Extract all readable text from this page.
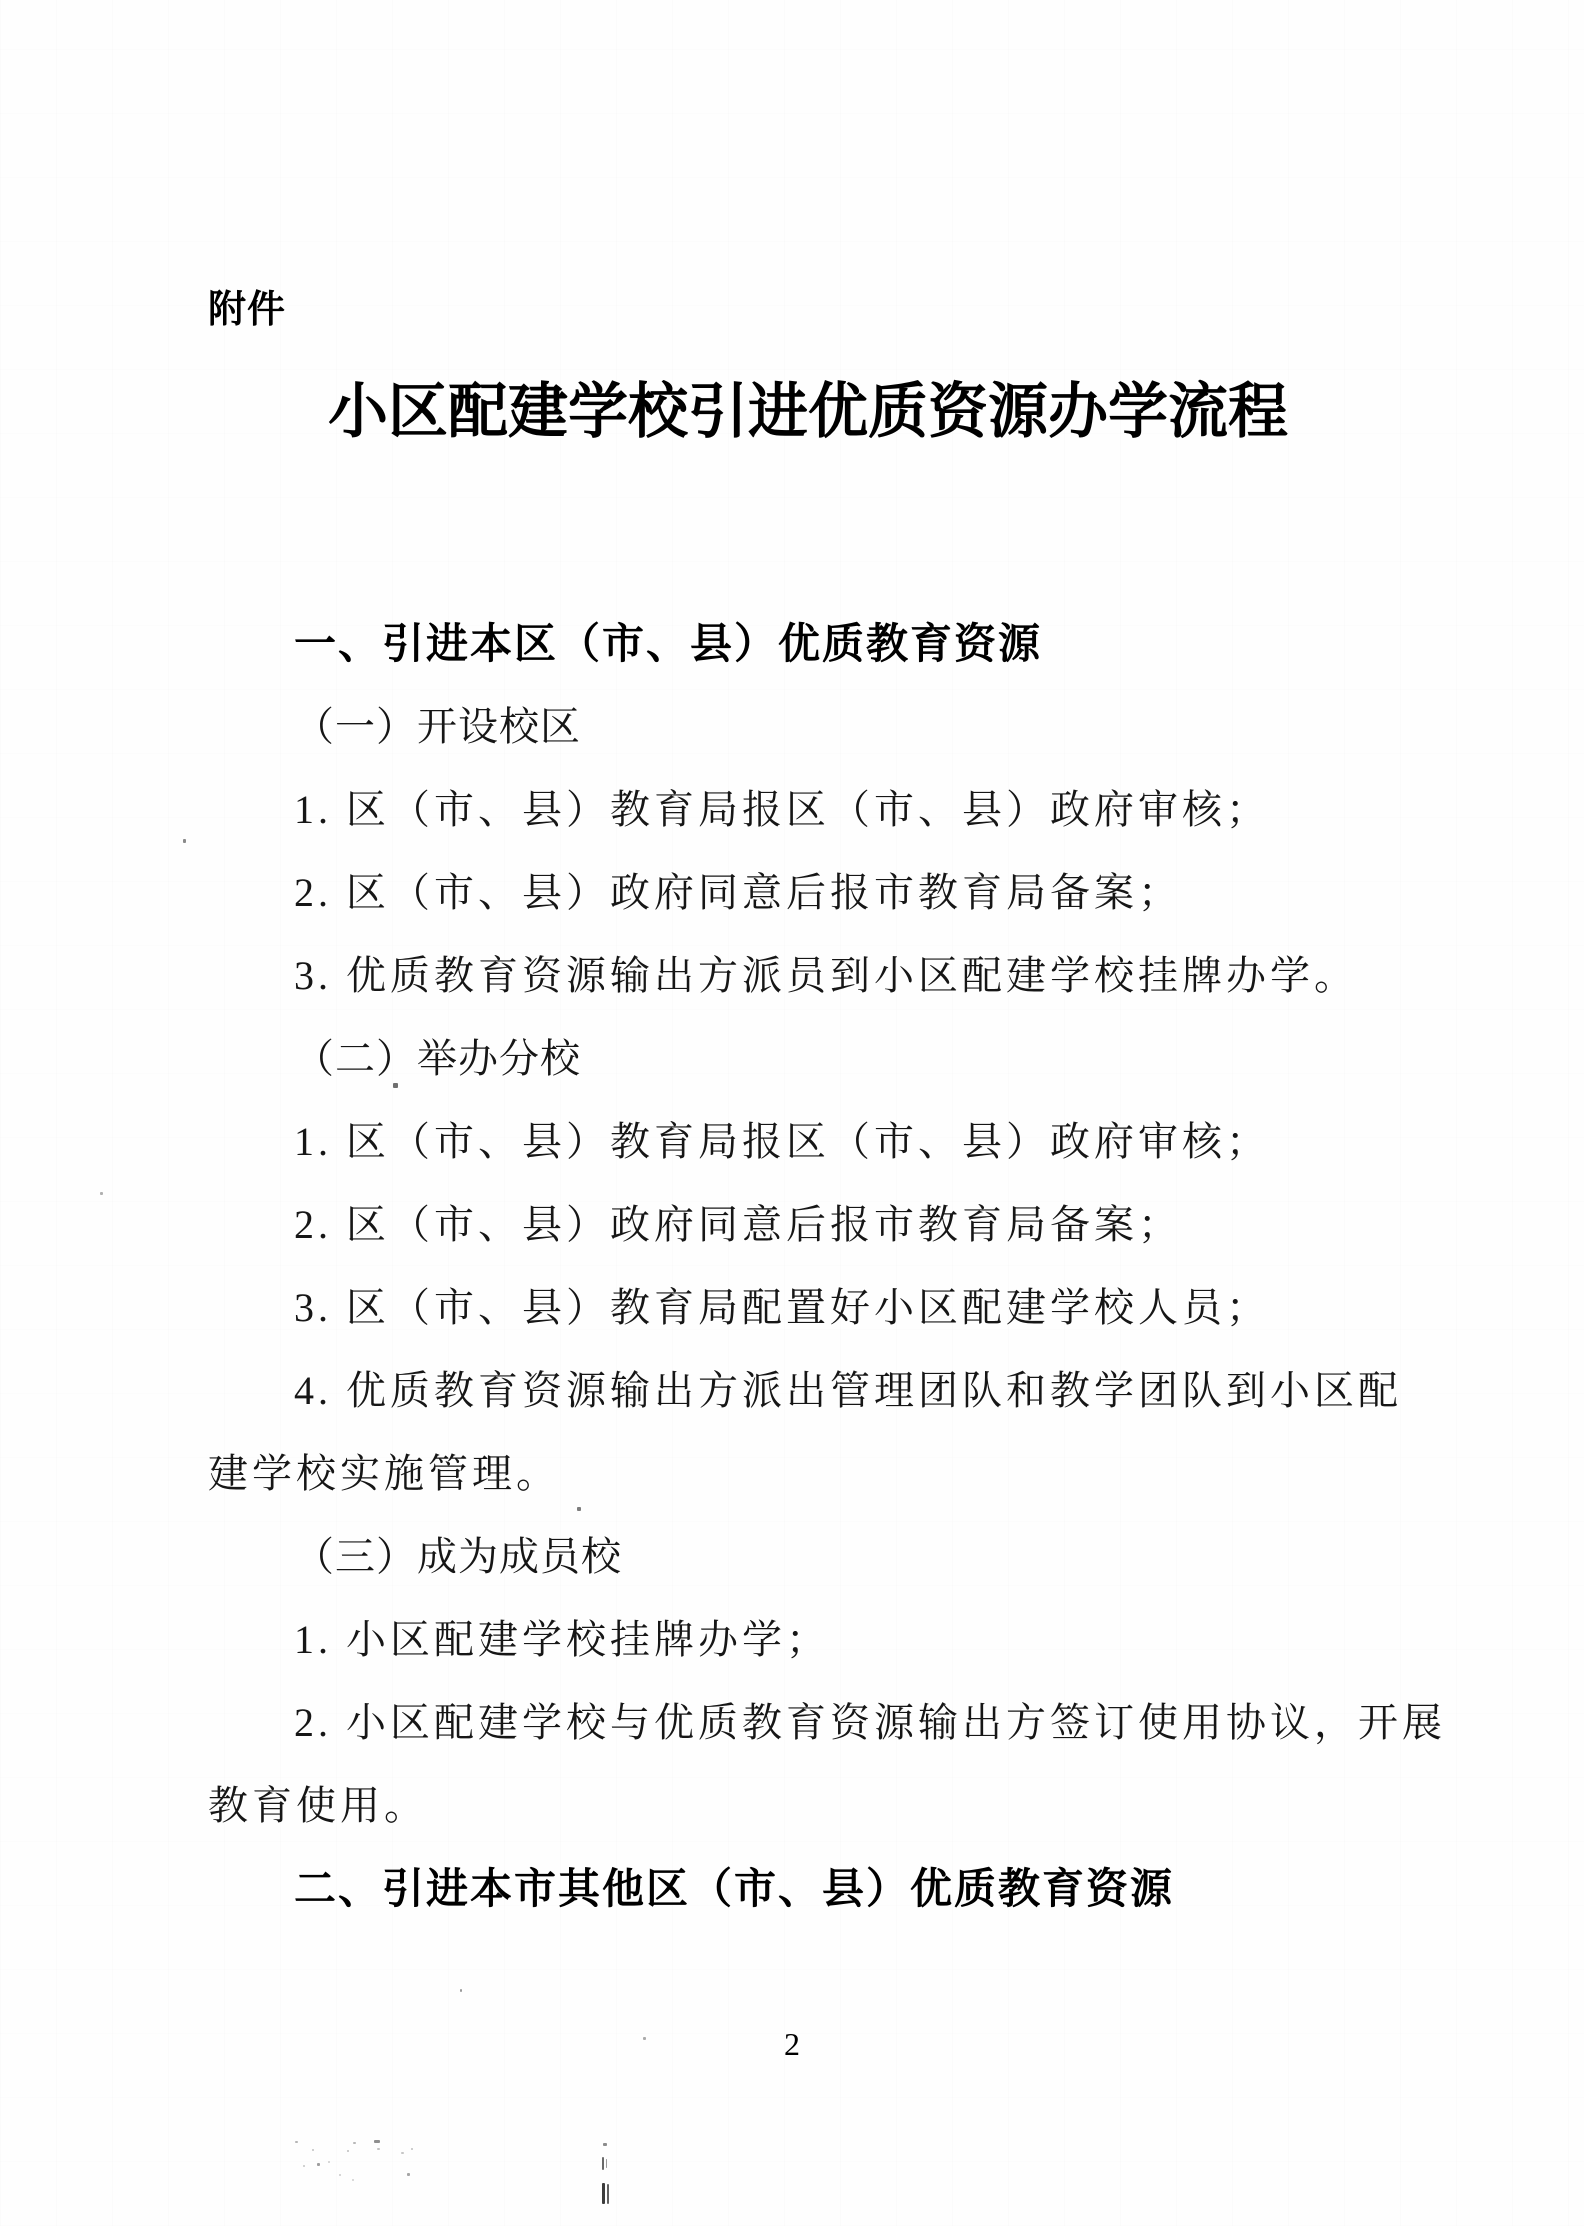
附件
小区配建学校引进优质资源办学流程
一、引进本区（市、县）优质教育资源
（一）开设校区
1. 区（市、县）教育局报区（市、县）政府审核；
2. 区（市、县）政府同意后报市教育局备案；
3. 优质教育资源输出方派员到小区配建学校挂牌办学。
（二）举办分校
1. 区（市、县）教育局报区（市、县）政府审核；
2. 区（市、县）政府同意后报市教育局备案；
3. 区（市、县）教育局配置好小区配建学校人员；
4. 优质教育资源输出方派出管理团队和教学团队到小区配
建学校实施管理。
（三）成为成员校
1. 小区配建学校挂牌办学；
2. 小区配建学校与优质教育资源输出方签订使用协议，开展
教育使用。
二、引进本市其他区（市、县）优质教育资源
2
